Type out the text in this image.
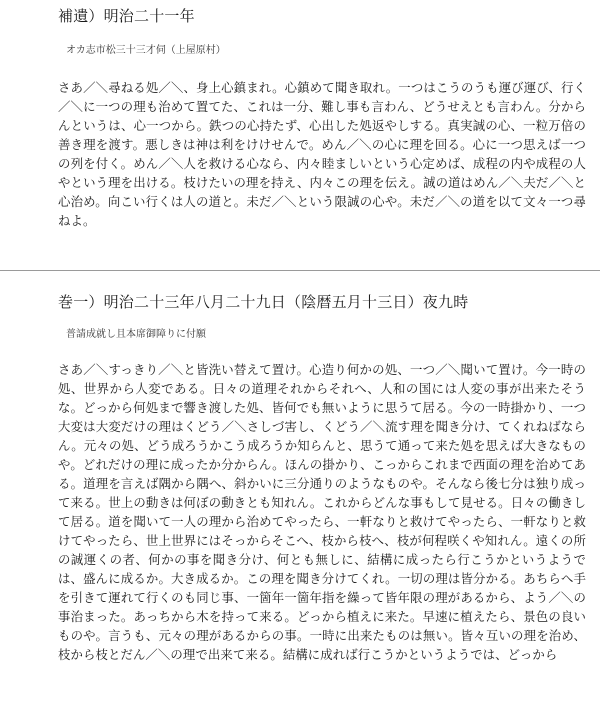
補遺）明治二十一年
オカ志市松三十三才伺（上屋原村）
さあ／＼尋ねる処／＼、身上心鎮まれ。心鎮めて聞き取れ。一つはこうのうも運び運び、行く／＼に一つの理も治めて置てた、これは一分、難し事も言わん、どうせえとも言わん。分からんというは、心一つから。鉄つの心持たず、心出した処返やしする。真実誠の心、一粒万倍の善き理を渡す。悪しきは神は利をけけせんで。めん／＼の心に理を回る。心に一つ思えば一つの列を付く。めん／＼人を救ける心なら、内々睦ましいという心定めば、成程の内や成程の人やという理を出ける。枝けたいの理を持え、内々この理を伝え。誠の道はめん／＼夫だ／＼と心治め。向こい行くは人の道と。未だ／＼という限誠の心や。未だ／＼の道を以て文々一つ尋ねよ。
巻一）明治二十三年八月二十九日（陰暦五月十三日）夜九時
普請成就し且本席御障りに付願
さあ／＼すっきり／＼と皆洗い替えて置け。心造り何かの処、一つ／＼聞いて置け。今一時の処、世界から人変である。日々の道理それからそれへ、人和の国には人変の事が出来たそうな。どっから何処まで響き渡した処、皆何でも無いように思うて居る。今の一時掛かり、一つ大変は大変だけの理はくどう／＼さしづ害し、くどう／＼流す理を聞き分け、てくれねばならん。元々の処、どう成ろうかこう成ろうか知らんと、思うて通って来た処を思えば大きなものや。どれだけの理に成ったか分からん。ほんの掛かり、こっからこれまで西面の理を治めてある。道理を言えば隅から隅へ、斜かいに三分通りのようなものや。そんなら後七分は独り成って来る。世上の動きは何ぼの動きとも知れん。これからどんな事もして見せる。日々の働きして居る。道を聞いて一人の理から治めてやったら、一軒なりと救けてやったら、一軒なりと救けてやったら、世上世界にはそっからそこへ、枝から枝へ、枝が何程咲くや知れん。遠くの所の誠運くの者、何かの事を聞き分け、何とも無しに、結構に成ったら行こうかというようでは、盛んに成るか。大き成るか。この理を聞き分けてくれ。一切の理は皆分かる。あちらへ手を引きて運れて行くのも同じ事、一箇年一箇年指を繰って皆年限の理があるから、よう／＼の事治まった。あっちから木を持って来る。どっから植えに来た。早速に植えたら、景色の良いものや。言うも、元々の理があるからの事。一時に出来たものは無い。皆々互いの理を治め、枝から枝とだん／＼の理で出来て来る。結構に成れば行こうかというようでは、どっから
